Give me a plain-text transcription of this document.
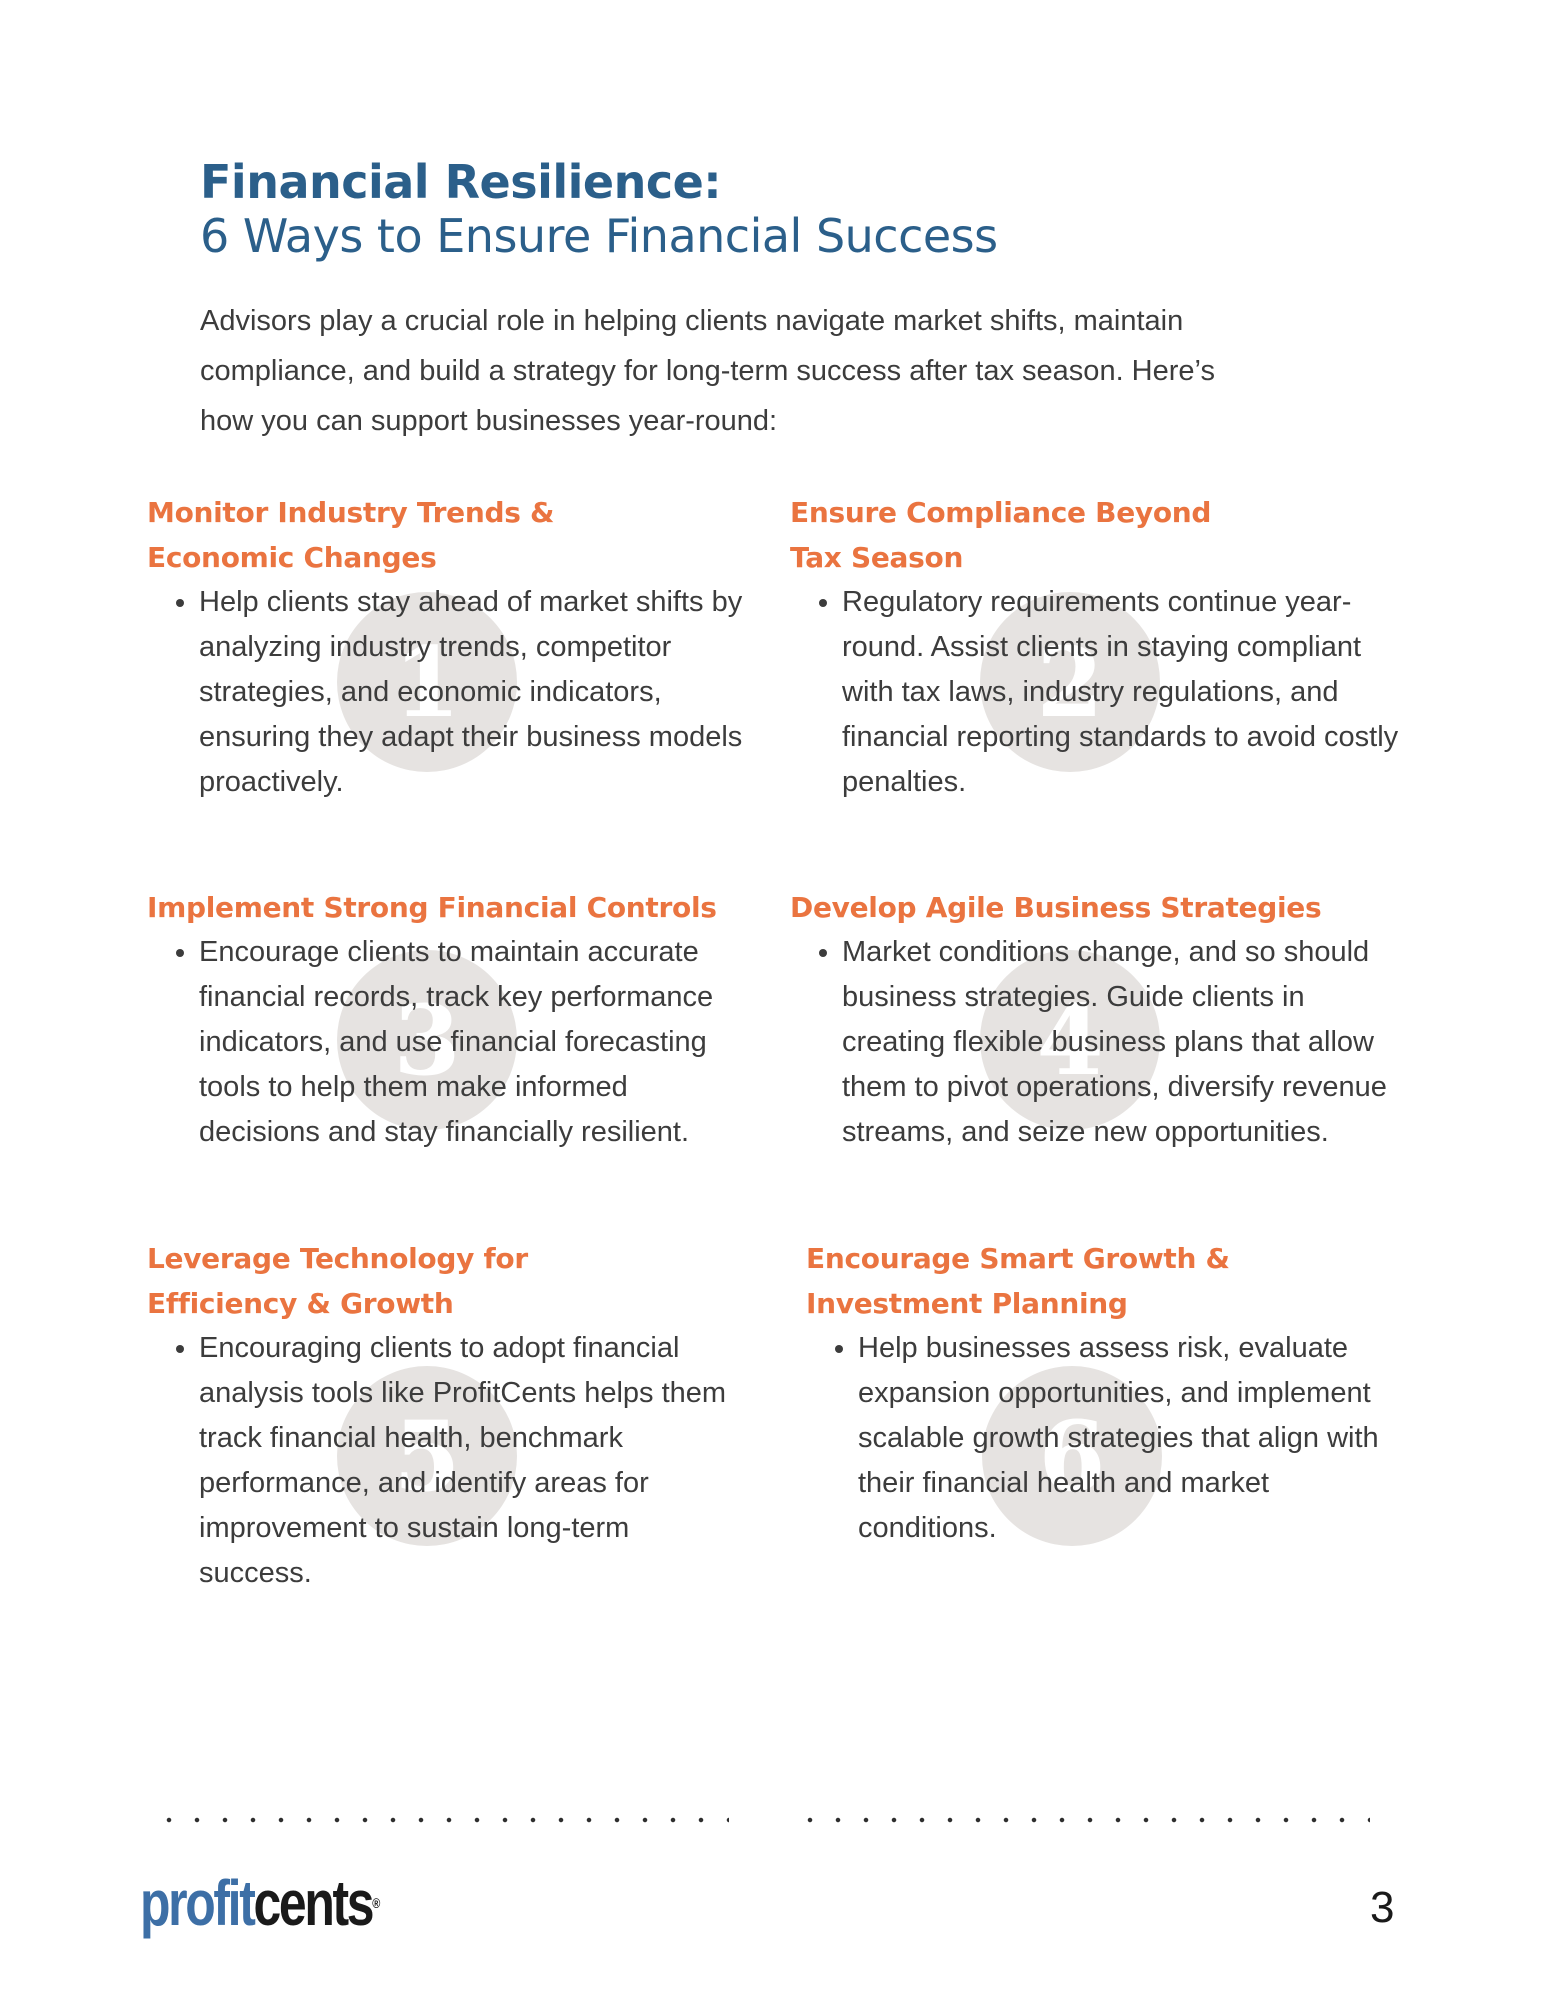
Financial Resilience:
6 Ways to Ensure Financial Success
Advisors play a crucial role in helping clients navigate market shifts, maintain compliance, and build a strategy for long-term success after tax season. Here’s how you can support businesses year-round:
Monitor Industry Trends &
Economic Changes
1
• Help clients stay ahead of market shifts by analyzing industry trends, competitor strategies, and economic indicators, ensuring they adapt their business models proactively.
Ensure Compliance Beyond
Tax Season
2
• Regulatory requirements continue year-round. Assist clients in staying compliant with tax laws, industry regulations, and financial reporting standards to avoid costly penalties.
Implement Strong Financial Controls
3
• Encourage clients to maintain accurate financial records, track key performance indicators, and use financial forecasting tools to help them make informed decisions and stay financially resilient.
Develop Agile Business Strategies
4
• Market conditions change, and so should business strategies. Guide clients in creating flexible business plans that allow them to pivot operations, diversify revenue streams, and seize new opportunities.
Leverage Technology for
Efficiency & Growth
5
• Encouraging clients to adopt financial analysis tools like ProfitCents helps them track financial health, benchmark performance, and identify areas for improvement to sustain long-term success.
Encourage Smart Growth &
Investment Planning
6
• Help businesses assess risk, evaluate expansion opportunities, and implement scalable growth strategies that align with their financial health and market conditions.
profitcents®	3
